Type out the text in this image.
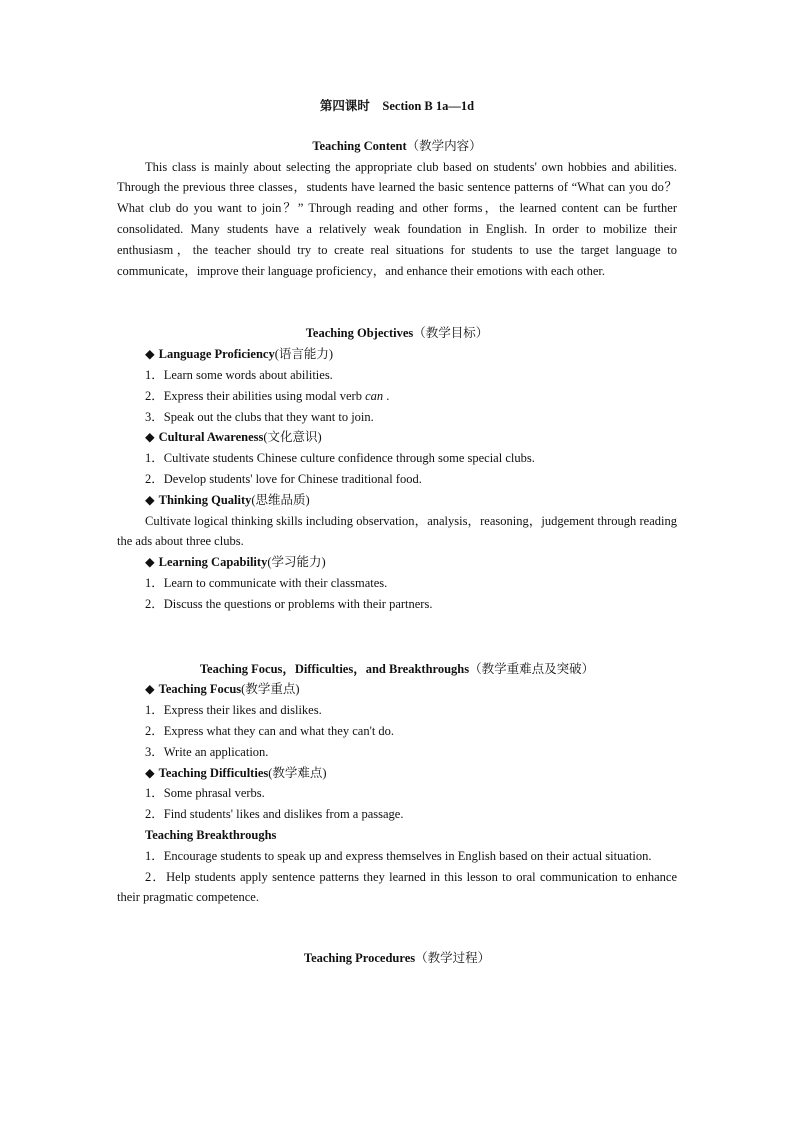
第四课时　Section B 1a—1d

Teaching Content（教学内容）

This class is mainly about selecting the appropriate club based on students' own hobbies and abilities. Through the previous three classes，students have learned the basic sentence patterns of “What can you do？What club do you want to join？” Through reading and other forms，the learned content can be further consolidated. Many students have a relatively weak foundation in English. In order to mobilize their enthusiasm，the teacher should try to create real situations for students to use the target language to communicate，improve their language proficiency，and enhance their emotions with each other.

Teaching Objectives（教学目标）

◆ Language Proficiency(语言能力)

1．Learn some words about abilities.

2．Express their abilities using modal verb can .

3．Speak out the clubs that they want to join.

◆ Cultural Awareness(文化意识)

1．Cultivate students Chinese culture confidence through some special clubs.

2．Develop students' love for Chinese traditional food.

◆ Thinking Quality(思维品质)

Cultivate logical thinking skills including observation，analysis，reasoning，judgement through reading the ads about three clubs.

◆ Learning Capability(学习能力)

1．Learn to communicate with their classmates.

2．Discuss the questions or problems with their partners.

Teaching Focus，Difficulties，and Breakthroughs（教学重难点及突破）

◆ Teaching Focus(教学重点)

1．Express their likes and dislikes.

2．Express what they can and what they can't do.

3．Write an application.

◆ Teaching Difficulties(教学难点)

1．Some phrasal verbs.

2．Find students' likes and dislikes from a passage.

Teaching Breakthroughs

1．Encourage students to speak up and express themselves in English based on their actual situation.

2．Help students apply sentence patterns they learned in this lesson to oral communication to enhance their pragmatic competence.

Teaching Procedures（教学过程）
